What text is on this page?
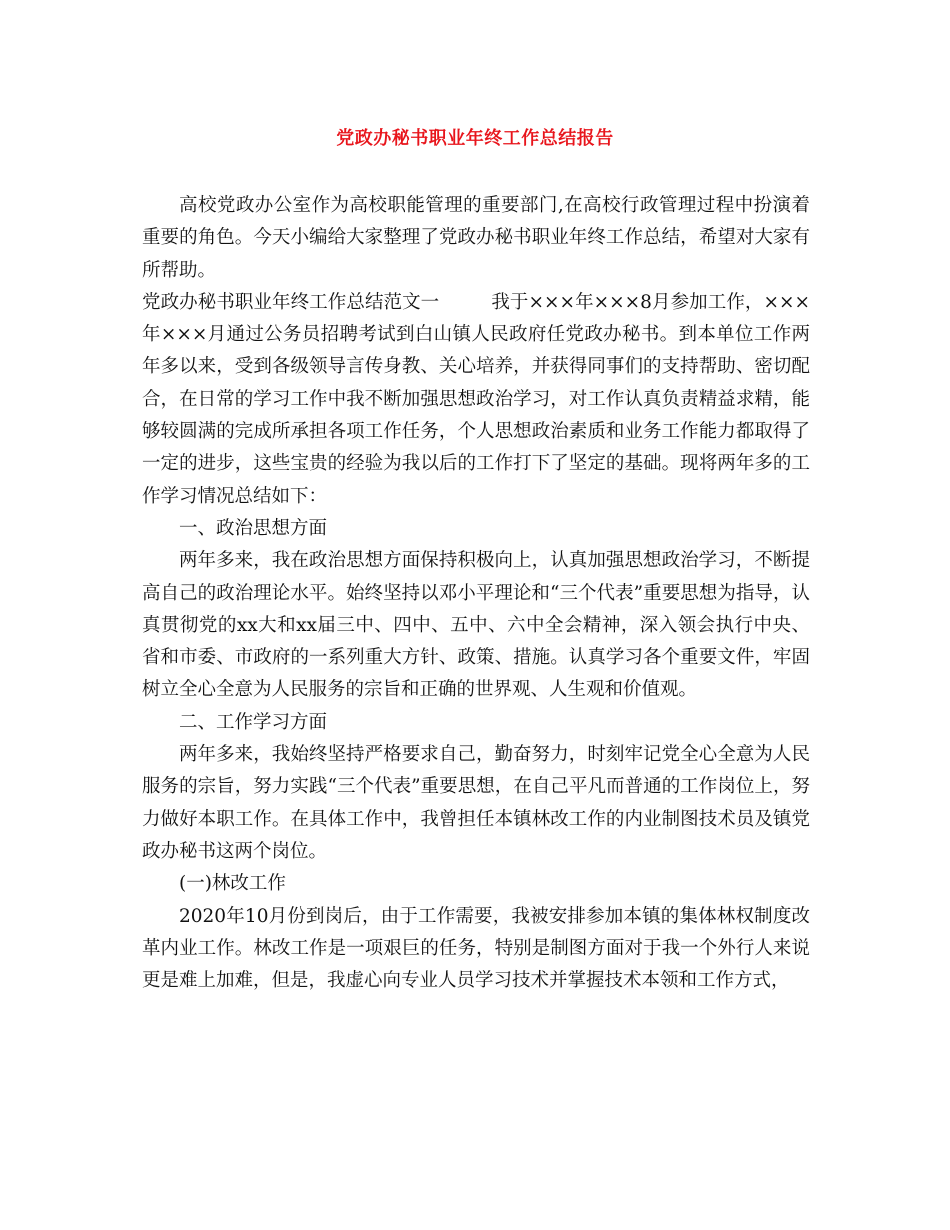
党政办秘书职业年终工作总结报告

高校党政办公室作为高校职能管理的重要部门,在高校行政管理过程中扮演着重要的角色。今天小编给大家整理了党政办秘书职业年终工作总结，希望对大家有所帮助。

党政办秘书职业年终工作总结范文一	我于×××年×××8月参加工作，×××年×××月通过公务员招聘考试到白山镇人民政府任党政办秘书。到本单位工作两年多以来，受到各级领导言传身教、关心培养，并获得同事们的支持帮助、密切配合，在日常的学习工作中我不断加强思想政治学习，对工作认真负责精益求精，能够较圆满的完成所承担各项工作任务，个人思想政治素质和业务工作能力都取得了一定的进步，这些宝贵的经验为我以后的工作打下了坚定的基础。现将两年多的工作学习情况总结如下：

一、政治思想方面

两年多来，我在政治思想方面保持积极向上，认真加强思想政治学习，不断提高自己的政治理论水平。始终坚持以邓小平理论和“三个代表”重要思想为指导，认真贯彻党的xx大和xx届三中、四中、五中、六中全会精神，深入领会执行中央、省和市委、市政府的一系列重大方针、政策、措施。认真学习各个重要文件，牢固树立全心全意为人民服务的宗旨和正确的世界观、人生观和价值观。

二、工作学习方面

两年多来，我始终坚持严格要求自己，勤奋努力，时刻牢记党全心全意为人民服务的宗旨，努力实践“三个代表”重要思想，在自己平凡而普通的工作岗位上，努力做好本职工作。在具体工作中，我曾担任本镇林改工作的内业制图技术员及镇党政办秘书这两个岗位。

(一)林改工作

2020年10月份到岗后，由于工作需要，我被安排参加本镇的集体林权制度改革内业工作。林改工作是一项艰巨的任务，特别是制图方面对于我一个外行人来说更是难上加难，但是，我虚心向专业人员学习技术并掌握技术本领和工作方式，
